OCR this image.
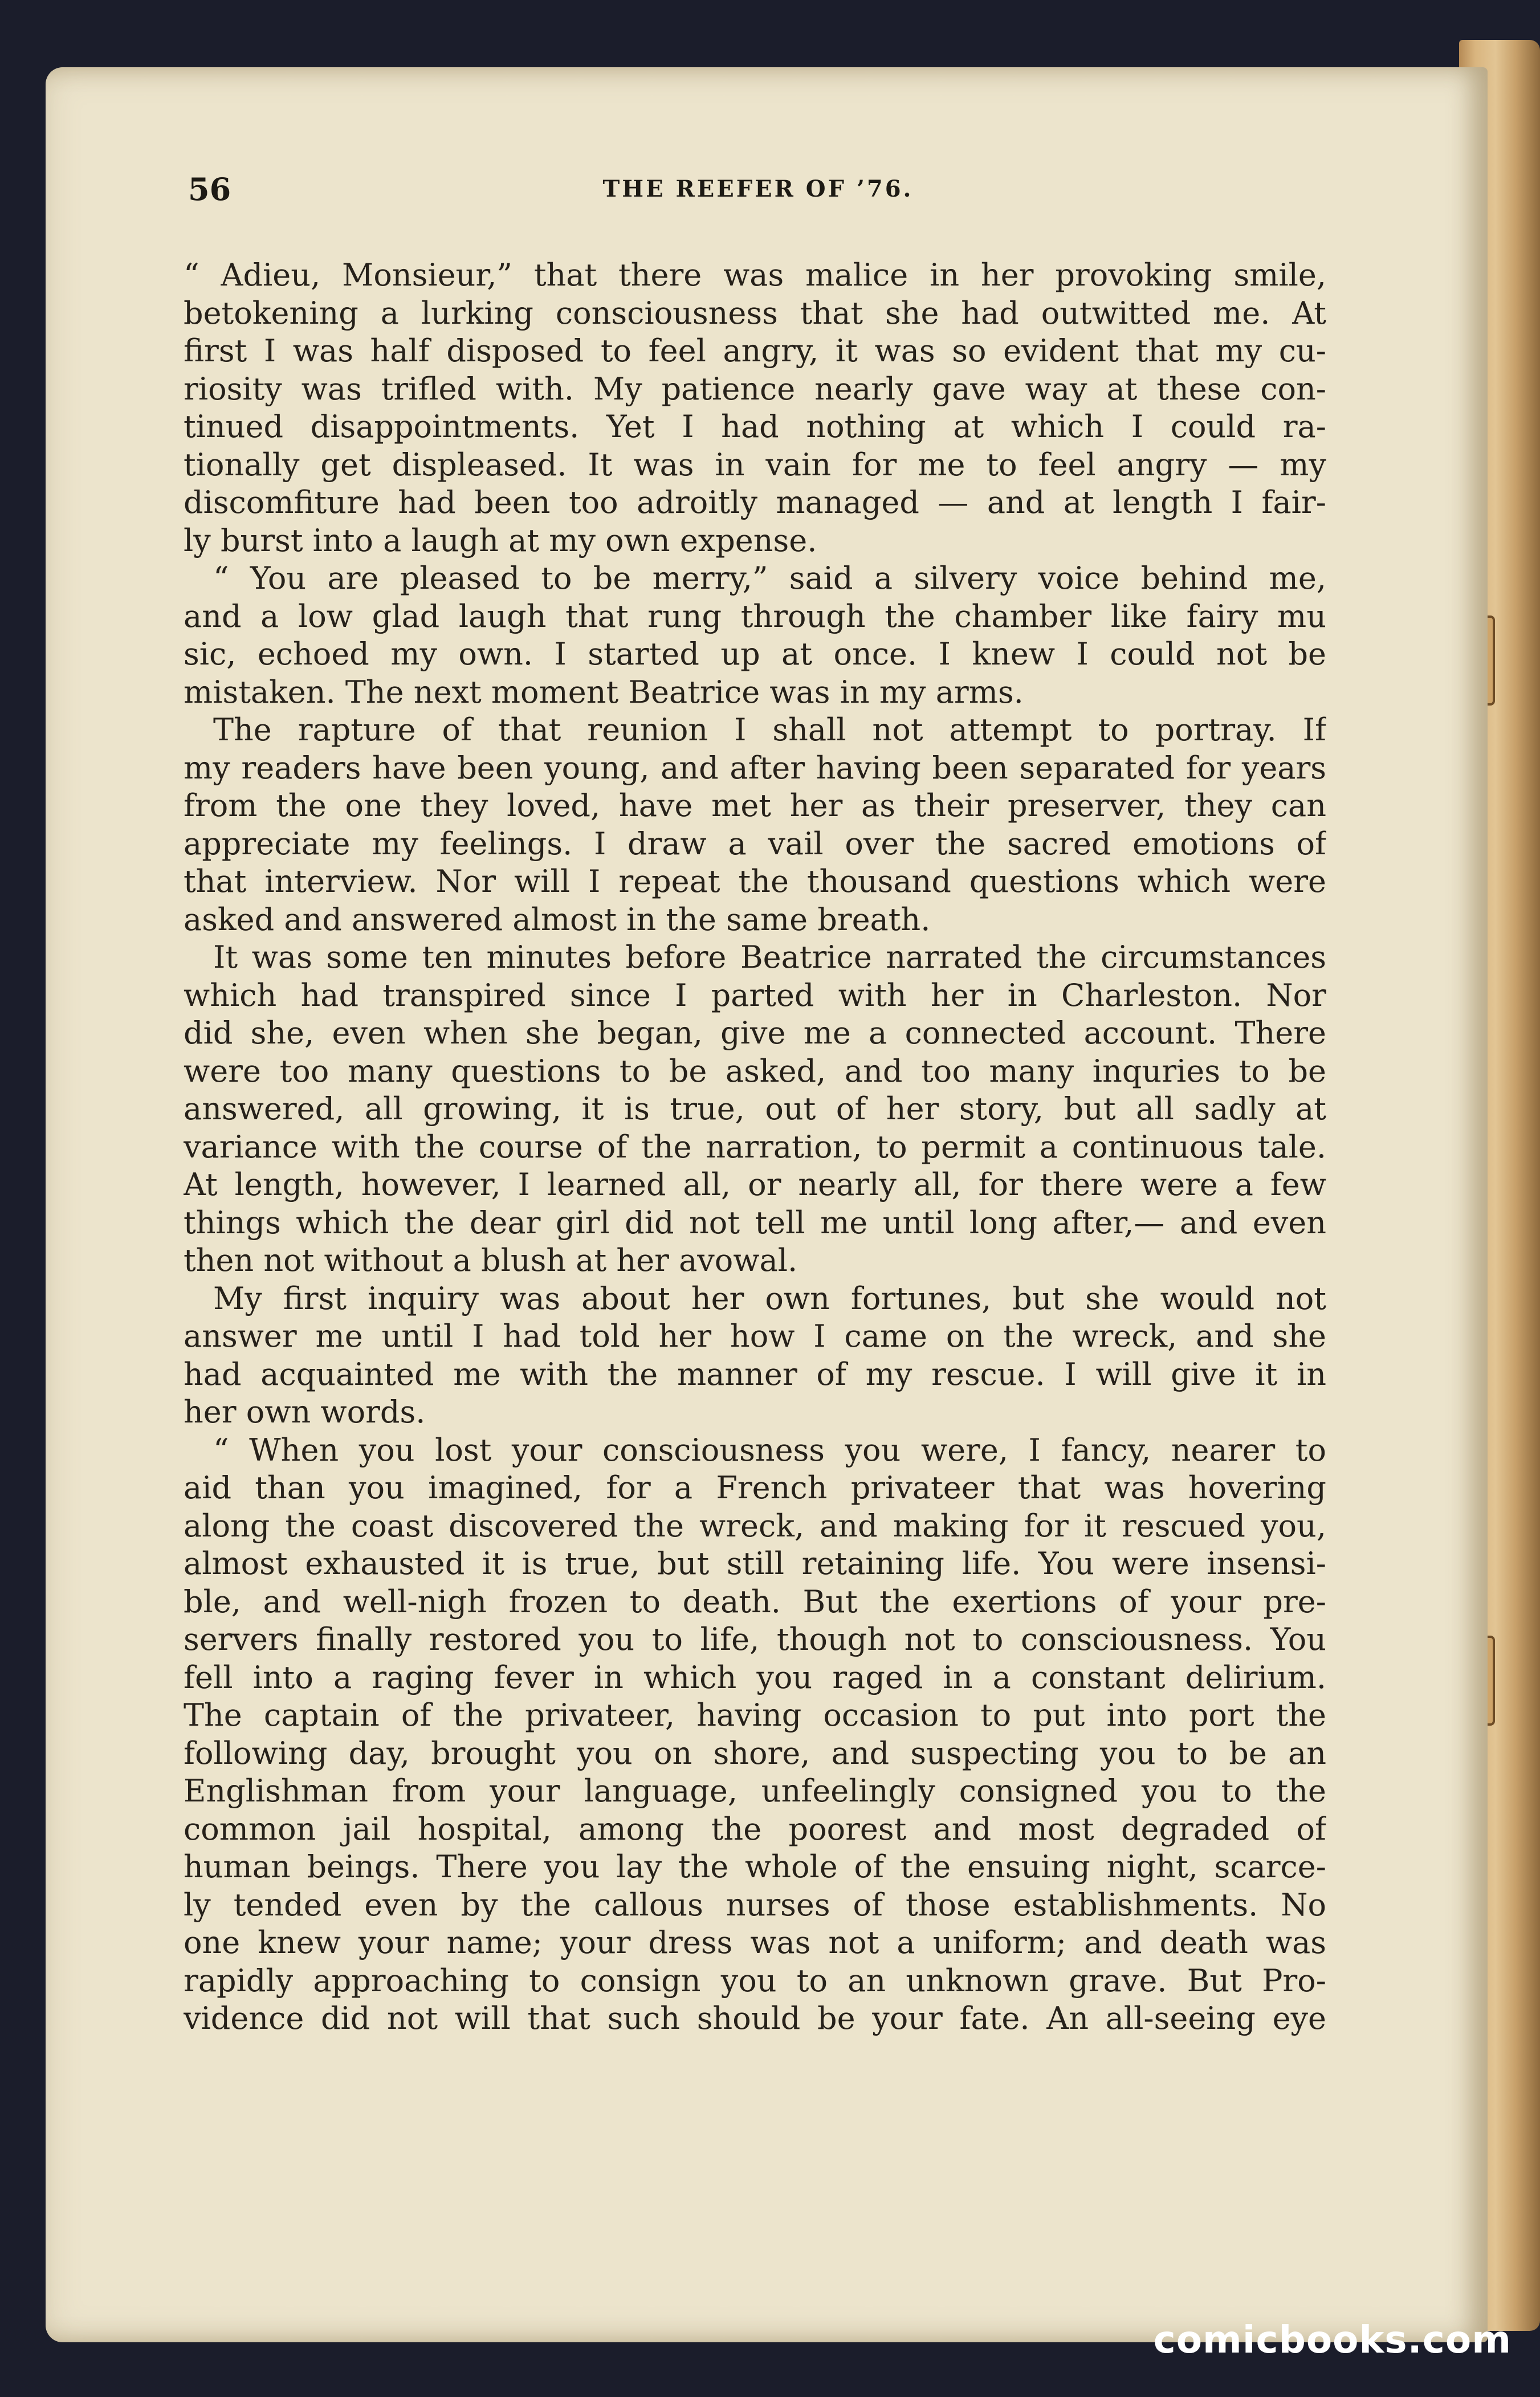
56	THE REEFER OF ’76.
“ Adieu, Monsieur,” that there was malice in her provoking smile,
betokening a lurking consciousness that she had outwitted me. At
first I was half disposed to feel angry, it was so evident that my cu-
riosity was trifled with. My patience nearly gave way at these con-
tinued disappointments. Yet I had nothing at which I could ra-
tionally get displeased. It was in vain for me to feel angry — my
discomfiture had been too adroitly managed — and at length I fair-
ly burst into a laugh at my own expense.
“ You are pleased to be merry,” said a silvery voice behind me,
and a low glad laugh that rung through the chamber like fairy mu
sic, echoed my own. I started up at once. I knew I could not be
mistaken. The next moment Beatrice was in my arms.
The rapture of that reunion I shall not attempt to portray. If
my readers have been young, and after having been separated for years
from the one they loved, have met her as their preserver, they can
appreciate my feelings. I draw a vail over the sacred emotions of
that interview. Nor will I repeat the thousand questions which were
asked and answered almost in the same breath.
It was some ten minutes before Beatrice narrated the circumstances
which had transpired since I parted with her in Charleston. Nor
did she, even when she began, give me a connected account. There
were too many questions to be asked, and too many inquries to be
answered, all growing, it is true, out of her story, but all sadly at
variance with the course of the narration, to permit a continuous tale.
At length, however, I learned all, or nearly all, for there were a few
things which the dear girl did not tell me until long after,— and even
then not without a blush at her avowal.
My first inquiry was about her own fortunes, but she would not
answer me until I had told her how I came on the wreck, and she
had acquainted me with the manner of my rescue. I will give it in
her own words.
“ When you lost your consciousness you were, I fancy, nearer to
aid than you imagined, for a French privateer that was hovering
along the coast discovered the wreck, and making for it rescued you,
almost exhausted it is true, but still retaining life. You were insensi-
ble, and well-nigh frozen to death. But the exertions of your pre-
servers finally restored you to life, though not to consciousness. You
fell into a raging fever in which you raged in a constant delirium.
The captain of the privateer, having occasion to put into port the
following day, brought you on shore, and suspecting you to be an
Englishman from your language, unfeelingly consigned you to the
common jail hospital, among the poorest and most degraded of
human beings. There you lay the whole of the ensuing night, scarce-
ly tended even by the callous nurses of those establishments. No
one knew your name; your dress was not a uniform; and death was
rapidly approaching to consign you to an unknown grave. But Pro-
vidence did not will that such should be your fate. An all-seeing eye
comicbooks.com
